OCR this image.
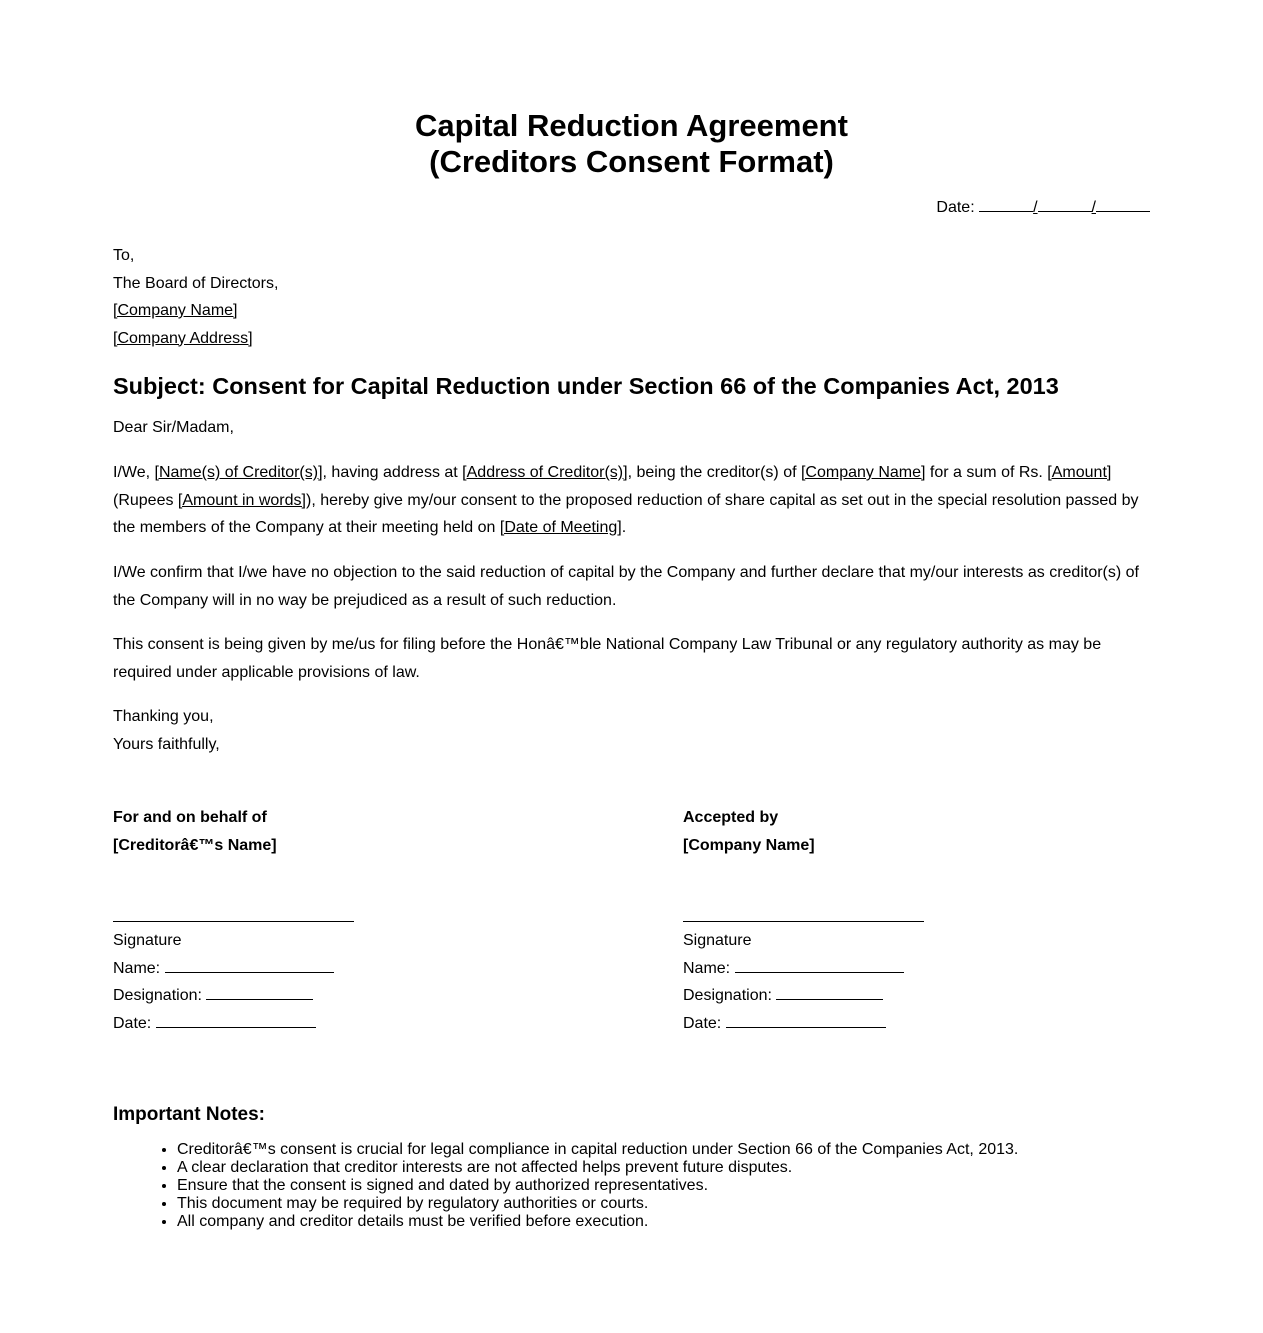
Capital Reduction Agreement
(Creditors Consent Format)
Date:	/	/
To,
The Board of Directors,
[Company Name]
[Company Address]
Subject: Consent for Capital Reduction under Section 66 of the Companies Act, 2013
Dear Sir/Madam,
I/We, [Name(s) of Creditor(s)], having address at [Address of Creditor(s)], being the creditor(s) of [Company Name] for a sum of Rs. [Amount] (Rupees [Amount in words]), hereby give my/our consent to the proposed reduction of share capital as set out in the special resolution passed by the members of the Company at their meeting held on [Date of Meeting].
I/We confirm that I/we have no objection to the said reduction of capital by the Company and further declare that my/our interests as creditor(s) of the Company will in no way be prejudiced as a result of such reduction.
This consent is being given by me/us for filing before the Honâ€™ble National Company Law Tribunal or any regulatory authority as may be required under applicable provisions of law.
Thanking you,
Yours faithfully,
For and on behalf of
[Creditorâ€™s Name]
Signature
Name:
Designation:
Date:
Accepted by
[Company Name]
Signature
Name:
Designation:
Date:
Important Notes:
• Creditorâ€™s consent is crucial for legal compliance in capital reduction under Section 66 of the Companies Act, 2013.
• A clear declaration that creditor interests are not affected helps prevent future disputes.
• Ensure that the consent is signed and dated by authorized representatives.
• This document may be required by regulatory authorities or courts.
• All company and creditor details must be verified before execution.
